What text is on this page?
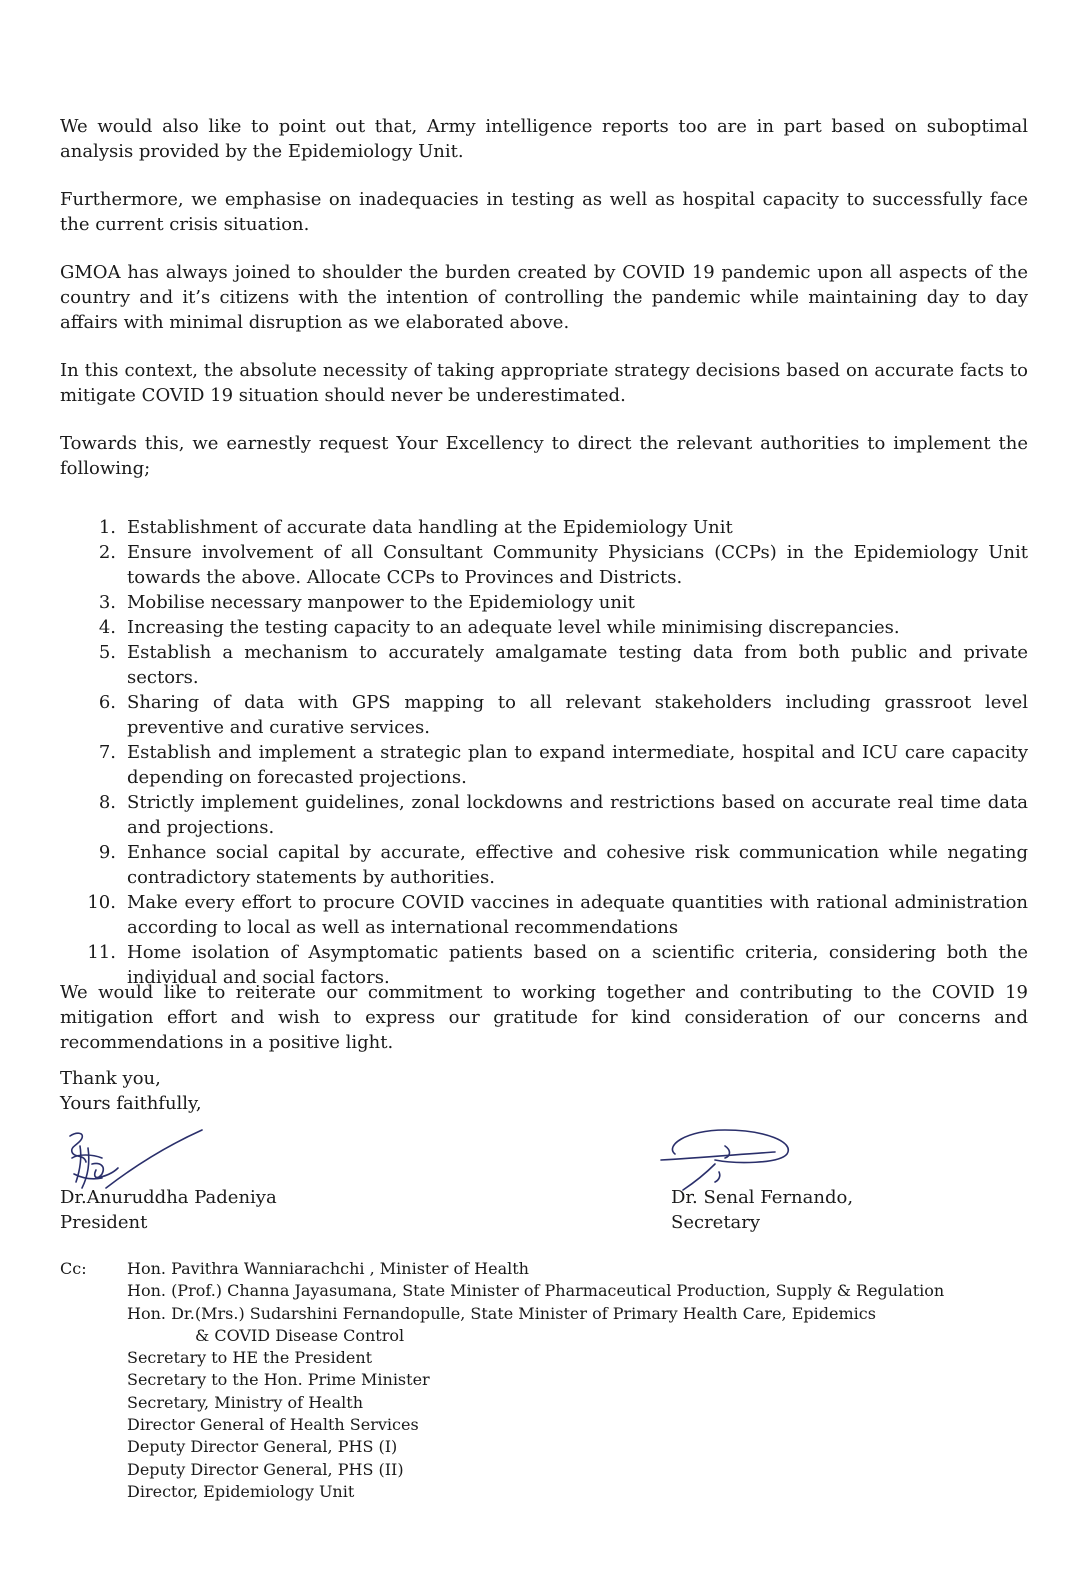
We would also like to point out that, Army intelligence reports too are in part based on suboptimal analysis provided by the Epidemiology Unit.

Furthermore, we emphasise on inadequacies in testing as well as hospital capacity to successfully face the current crisis situation.

GMOA has always joined to shoulder the burden created by COVID 19 pandemic upon all aspects of the country and it’s citizens with the intention of controlling the pandemic while maintaining day to day affairs with minimal disruption as we elaborated above.

In this context, the absolute necessity of taking appropriate strategy decisions based on accurate facts to mitigate COVID 19 situation should never be underestimated.

Towards this, we earnestly request Your Excellency to direct the relevant authorities to implement the following;

1. Establishment of accurate data handling at the Epidemiology Unit
2. Ensure involvement of all Consultant Community Physicians (CCPs) in the Epidemiology Unit towards the above. Allocate CCPs to Provinces and Districts.
3. Mobilise necessary manpower to the Epidemiology unit
4. Increasing the testing capacity to an adequate level while minimising discrepancies.
5. Establish a mechanism to accurately amalgamate testing data from both public and private sectors.
6. Sharing of data with GPS mapping to all relevant stakeholders including grassroot level preventive and curative services.
7. Establish and implement a strategic plan to expand intermediate, hospital and ICU care capacity depending on forecasted projections.
8. Strictly implement guidelines, zonal lockdowns and restrictions based on accurate real time data and projections.
9. Enhance social capital by accurate, effective and cohesive risk communication while negating contradictory statements by authorities.
10. Make every effort to procure COVID vaccines in adequate quantities with rational administration according to local as well as international recommendations
11. Home isolation of Asymptomatic patients based on a scientific criteria, considering both the individual and social factors.

We would like to reiterate our commitment to working together and contributing to the COVID 19 mitigation effort and wish to express our gratitude for kind consideration of our concerns and recommendations in a positive light.

Thank you,
Yours faithfully,
Dr.Anuruddha Padeniya
President
Dr. Senal Fernando,
Secretary
Cc:	Hon. Pavithra Wanniarachchi , Minister of Health
Hon. (Prof.) Channa Jayasumana, State Minister of Pharmaceutical Production, Supply & Regulation
Hon. Dr.(Mrs.) Sudarshini Fernandopulle, State Minister of Primary Health Care, Epidemics
& COVID Disease Control
Secretary to HE the President
Secretary to the Hon. Prime Minister
Secretary, Ministry of Health
Director General of Health Services
Deputy Director General, PHS (I)
Deputy Director General, PHS (II)
Director, Epidemiology Unit
